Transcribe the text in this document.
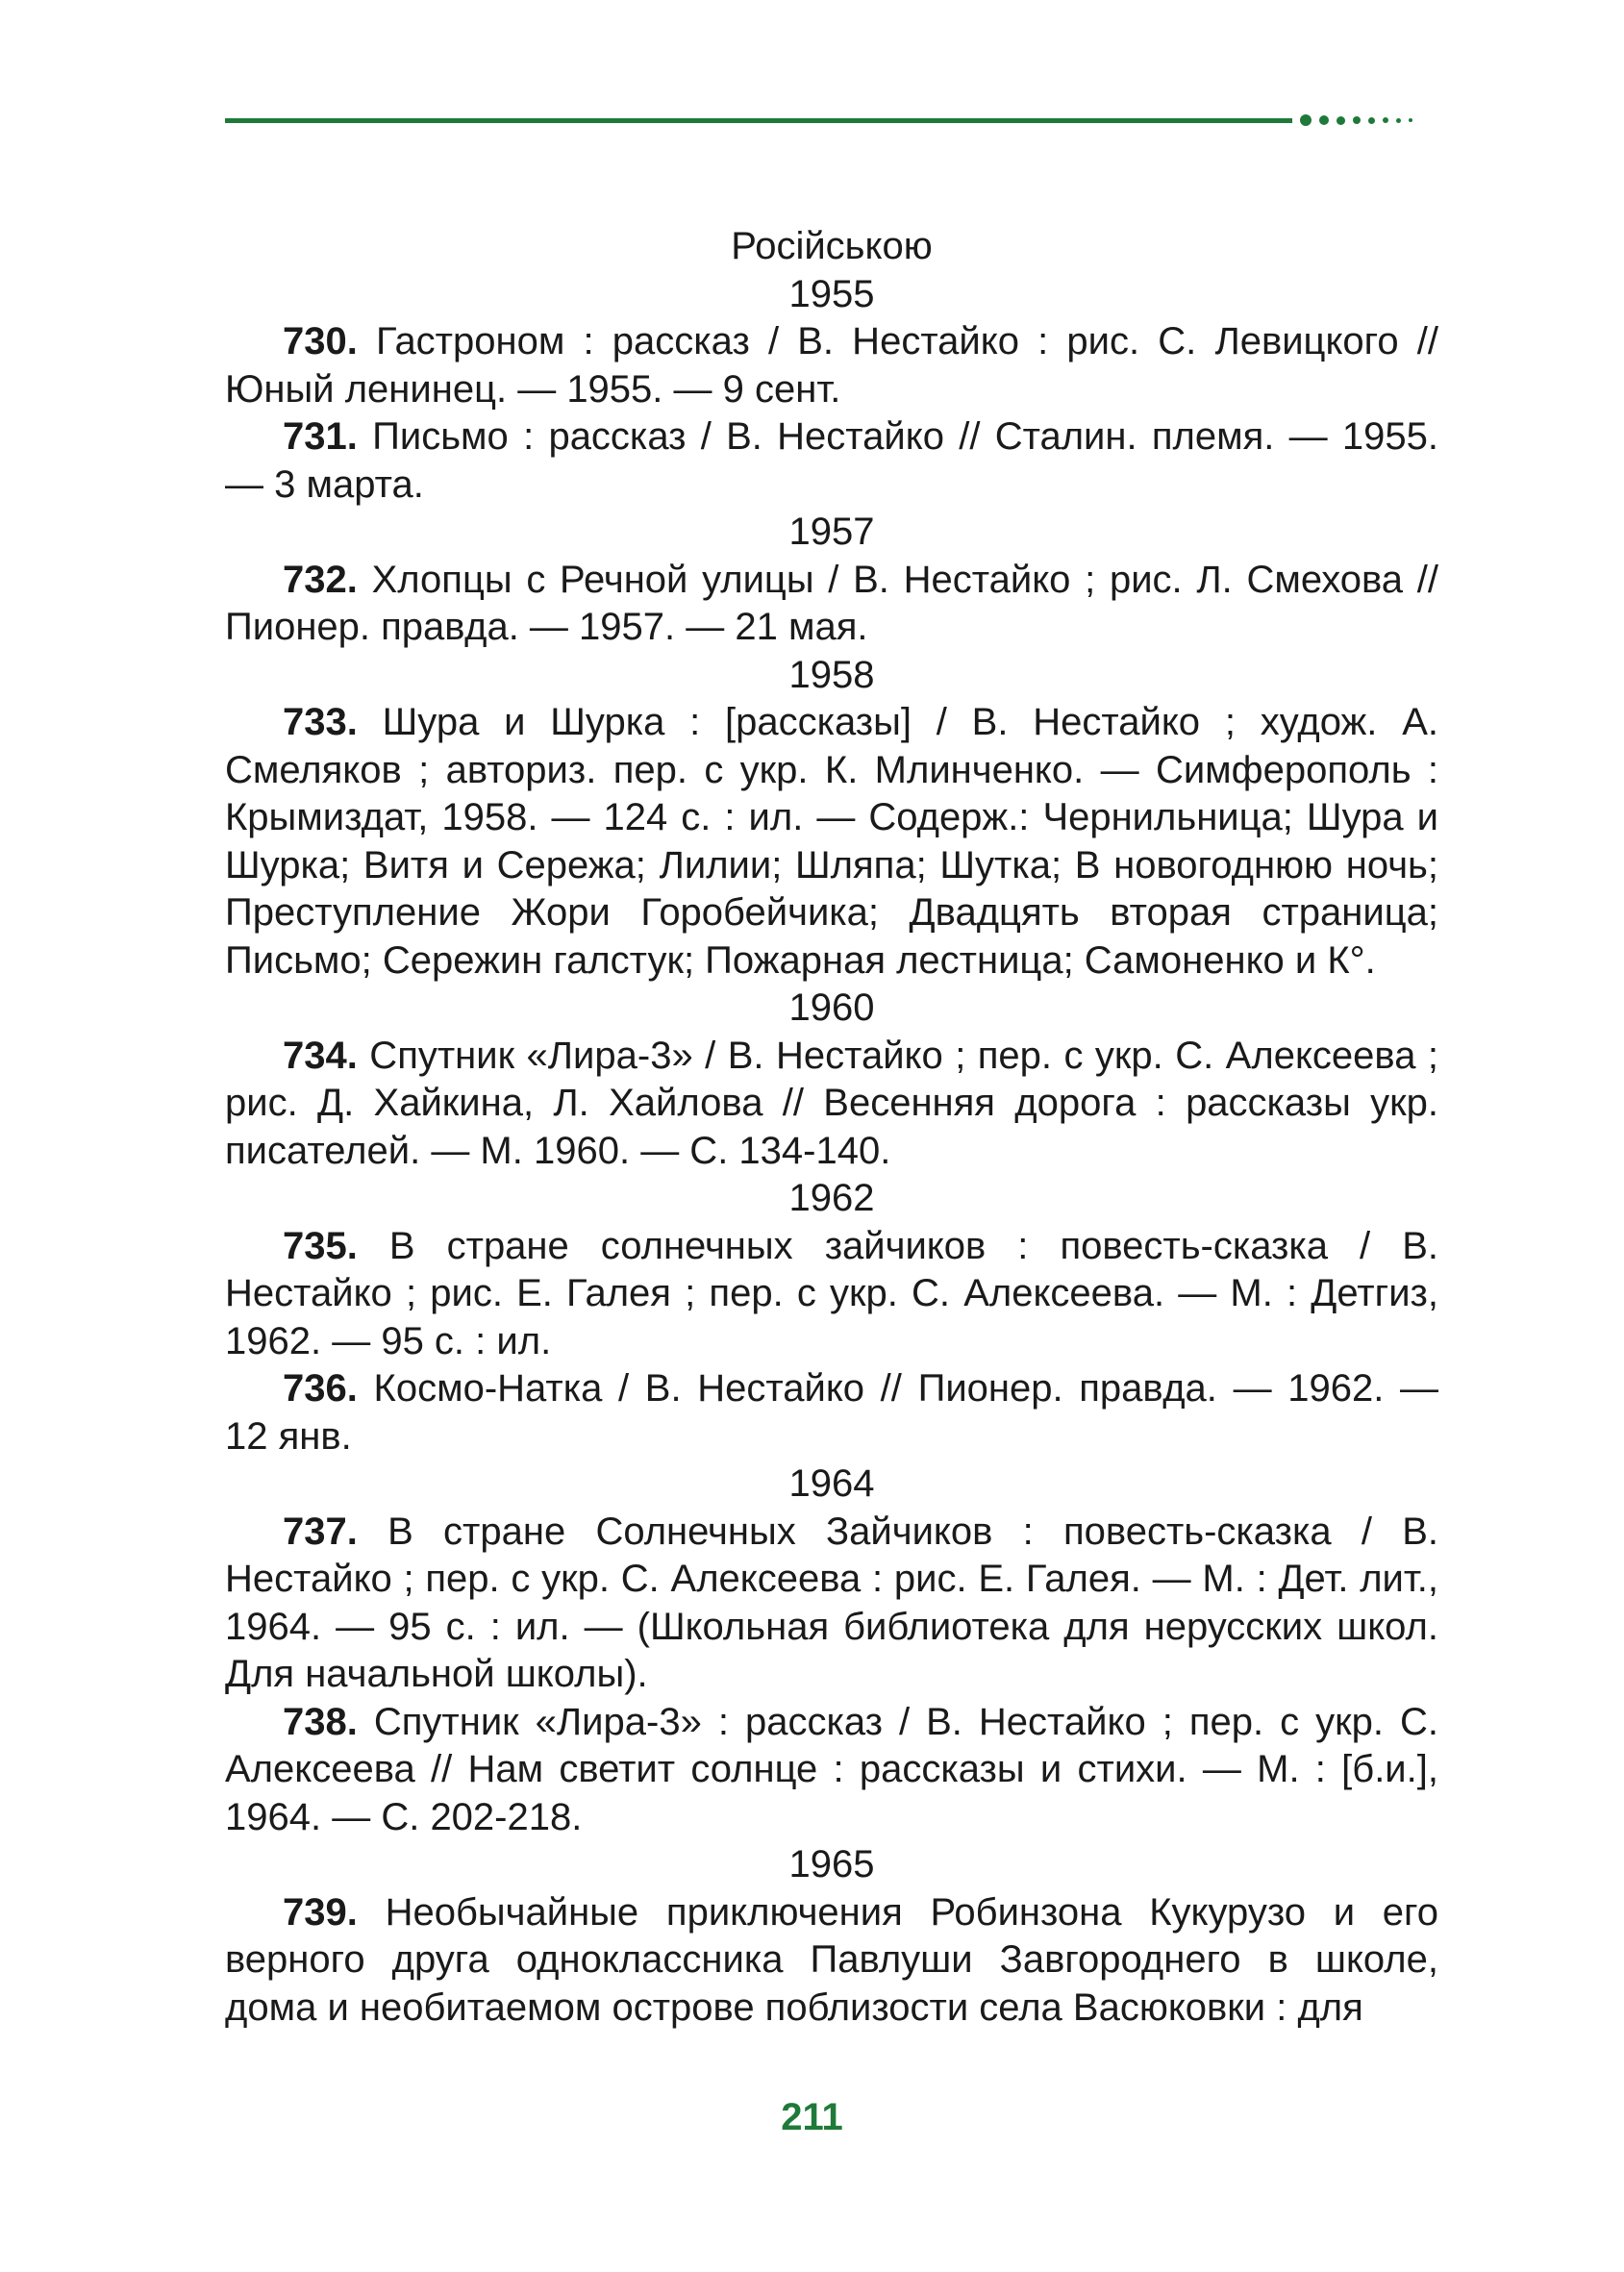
Російською

1955

730. Гастроном : рассказ / В. Нестайко : рис. С. Левицкого // Юный ленинец. — 1955. — 9 сент.

731. Письмо : рассказ / В. Нестайко // Сталин. племя. — 1955. — 3 марта.

1957

732. Хлопцы с Речной улицы / В. Нестайко ; рис. Л. Смехова // Пионер. правда. — 1957. — 21 мая.

1958

733. Шура и Шурка : [рассказы] / В. Нестайко ; худож. А. Смеляков ; авториз. пер. с укр. К. Млинченко. — Симферополь : Крымиздат, 1958. — 124 с. : ил. — Содерж.: Чернильница; Шура и Шурка; Витя и Сережа; Лилии; Шляпа; Шутка; В новогоднюю ночь; Преступление Жори Горобейчика; Двадцять вторая страница; Письмо; Сережин галстук; Пожарная лестница; Самоненко и К°.

1960

734. Спутник «Лира-3» / В. Нестайко ; пер. с укр. С. Алексеева ; рис. Д. Хайкина, Л. Хайлова // Весенняя дорога : рассказы укр. писателей. — М. 1960. — С. 134-140.

1962

735. В стране солнечных зайчиков : повесть-сказка / В. Нестайко ; рис. Е. Галея ; пер. с укр. С. Алексеева. — М. : Детгиз, 1962. — 95 с. : ил.

736. Космо-Натка / В. Нестайко // Пионер. правда. — 1962. — 12 янв.

1964

737. В стране Солнечных Зайчиков : повесть-сказка / В. Нестайко ; пер. с укр. С. Алексеева : рис. Е. Галея. — М. : Дет. лит., 1964. — 95 с. : ил. — (Школьная библиотека для нерусских школ. Для начальной школы).

738. Спутник «Лира-3» : рассказ / В. Нестайко ; пер. с укр. С. Алексеева // Нам светит солнце : рассказы и стихи. — М. : [б.и.], 1964. — С. 202-218.

1965

739. Необычайные приключения Робинзона Кукурузо и его верного друга одноклассника Павлуши Завгороднего в школе, дома и необитаемом острове поблизости села Васюковки : для

211
